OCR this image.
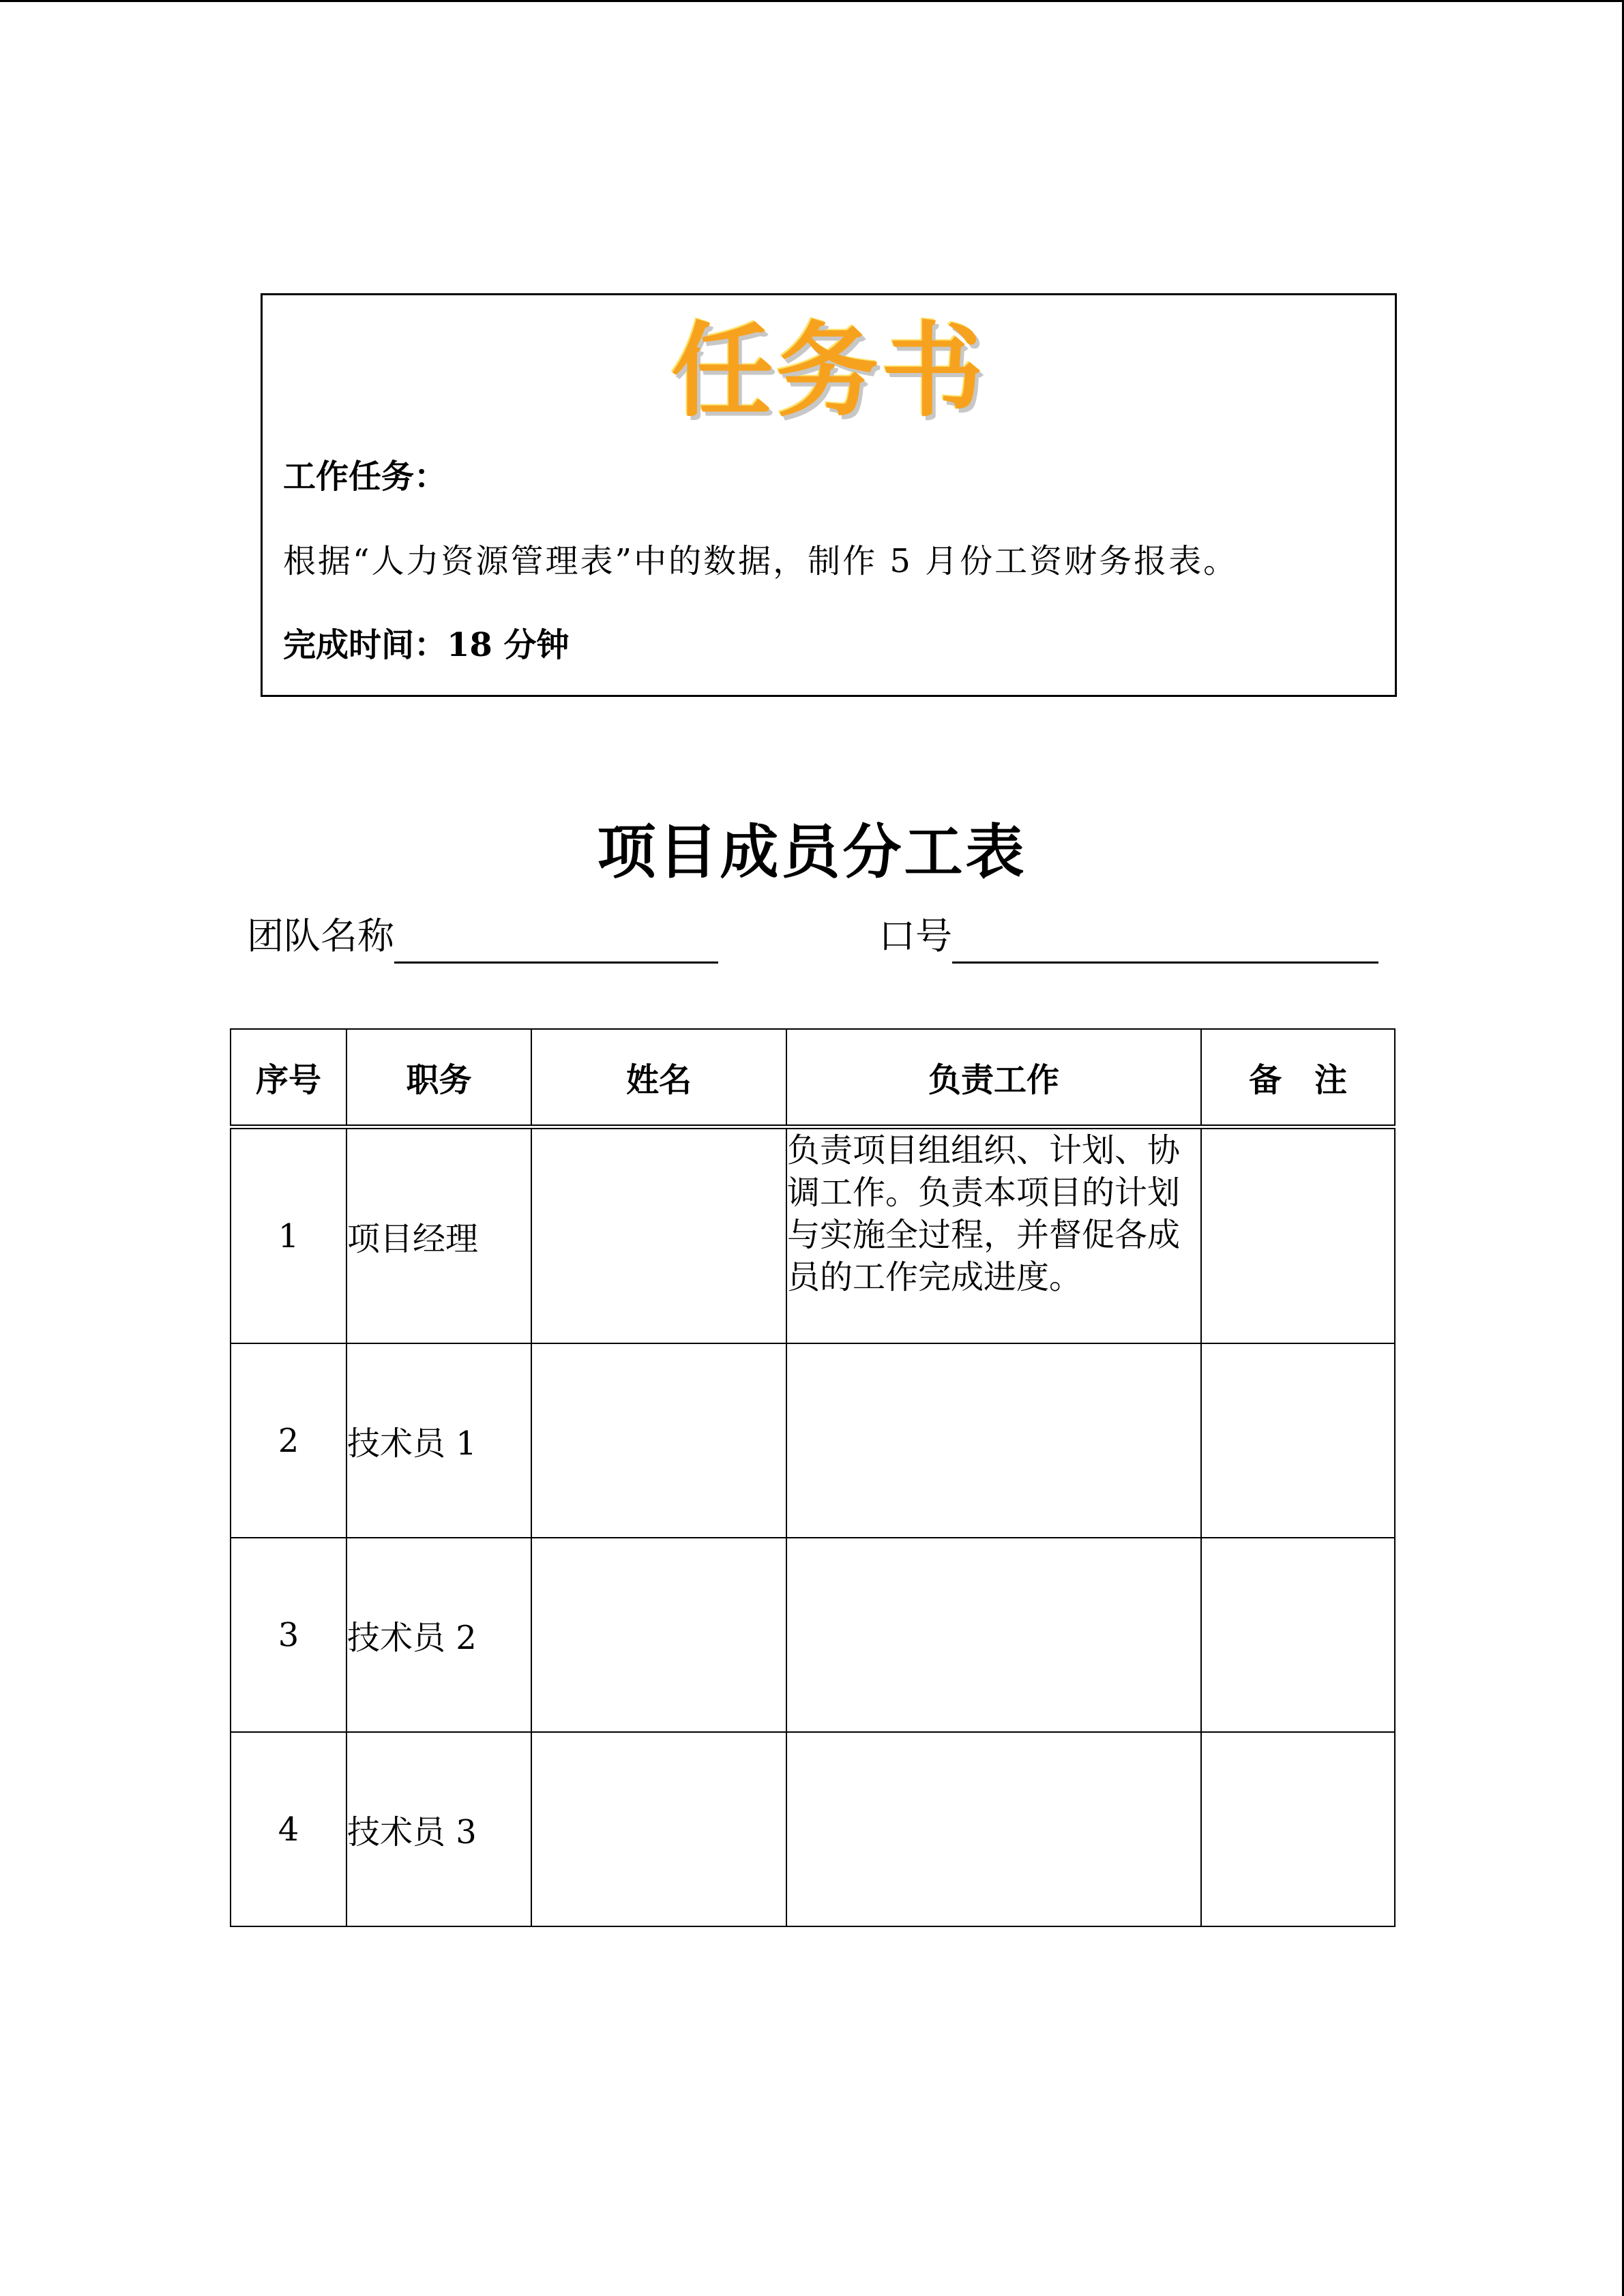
任务书
工作任务：
根据“人力资源管理表”中的数据，制作 5 月份工资财务报表。
完成时间：18 分钟
项目成员分工表
团队名称	口号
序号	职务	姓名	负责工作	备　注
1	项目经理		负责项目组组织、计划、协调工作。负责本项目的计划与实施全过程，并督促各成员的工作完成进度。	
2	技术员 1			
3	技术员 2			
4	技术员 3			
